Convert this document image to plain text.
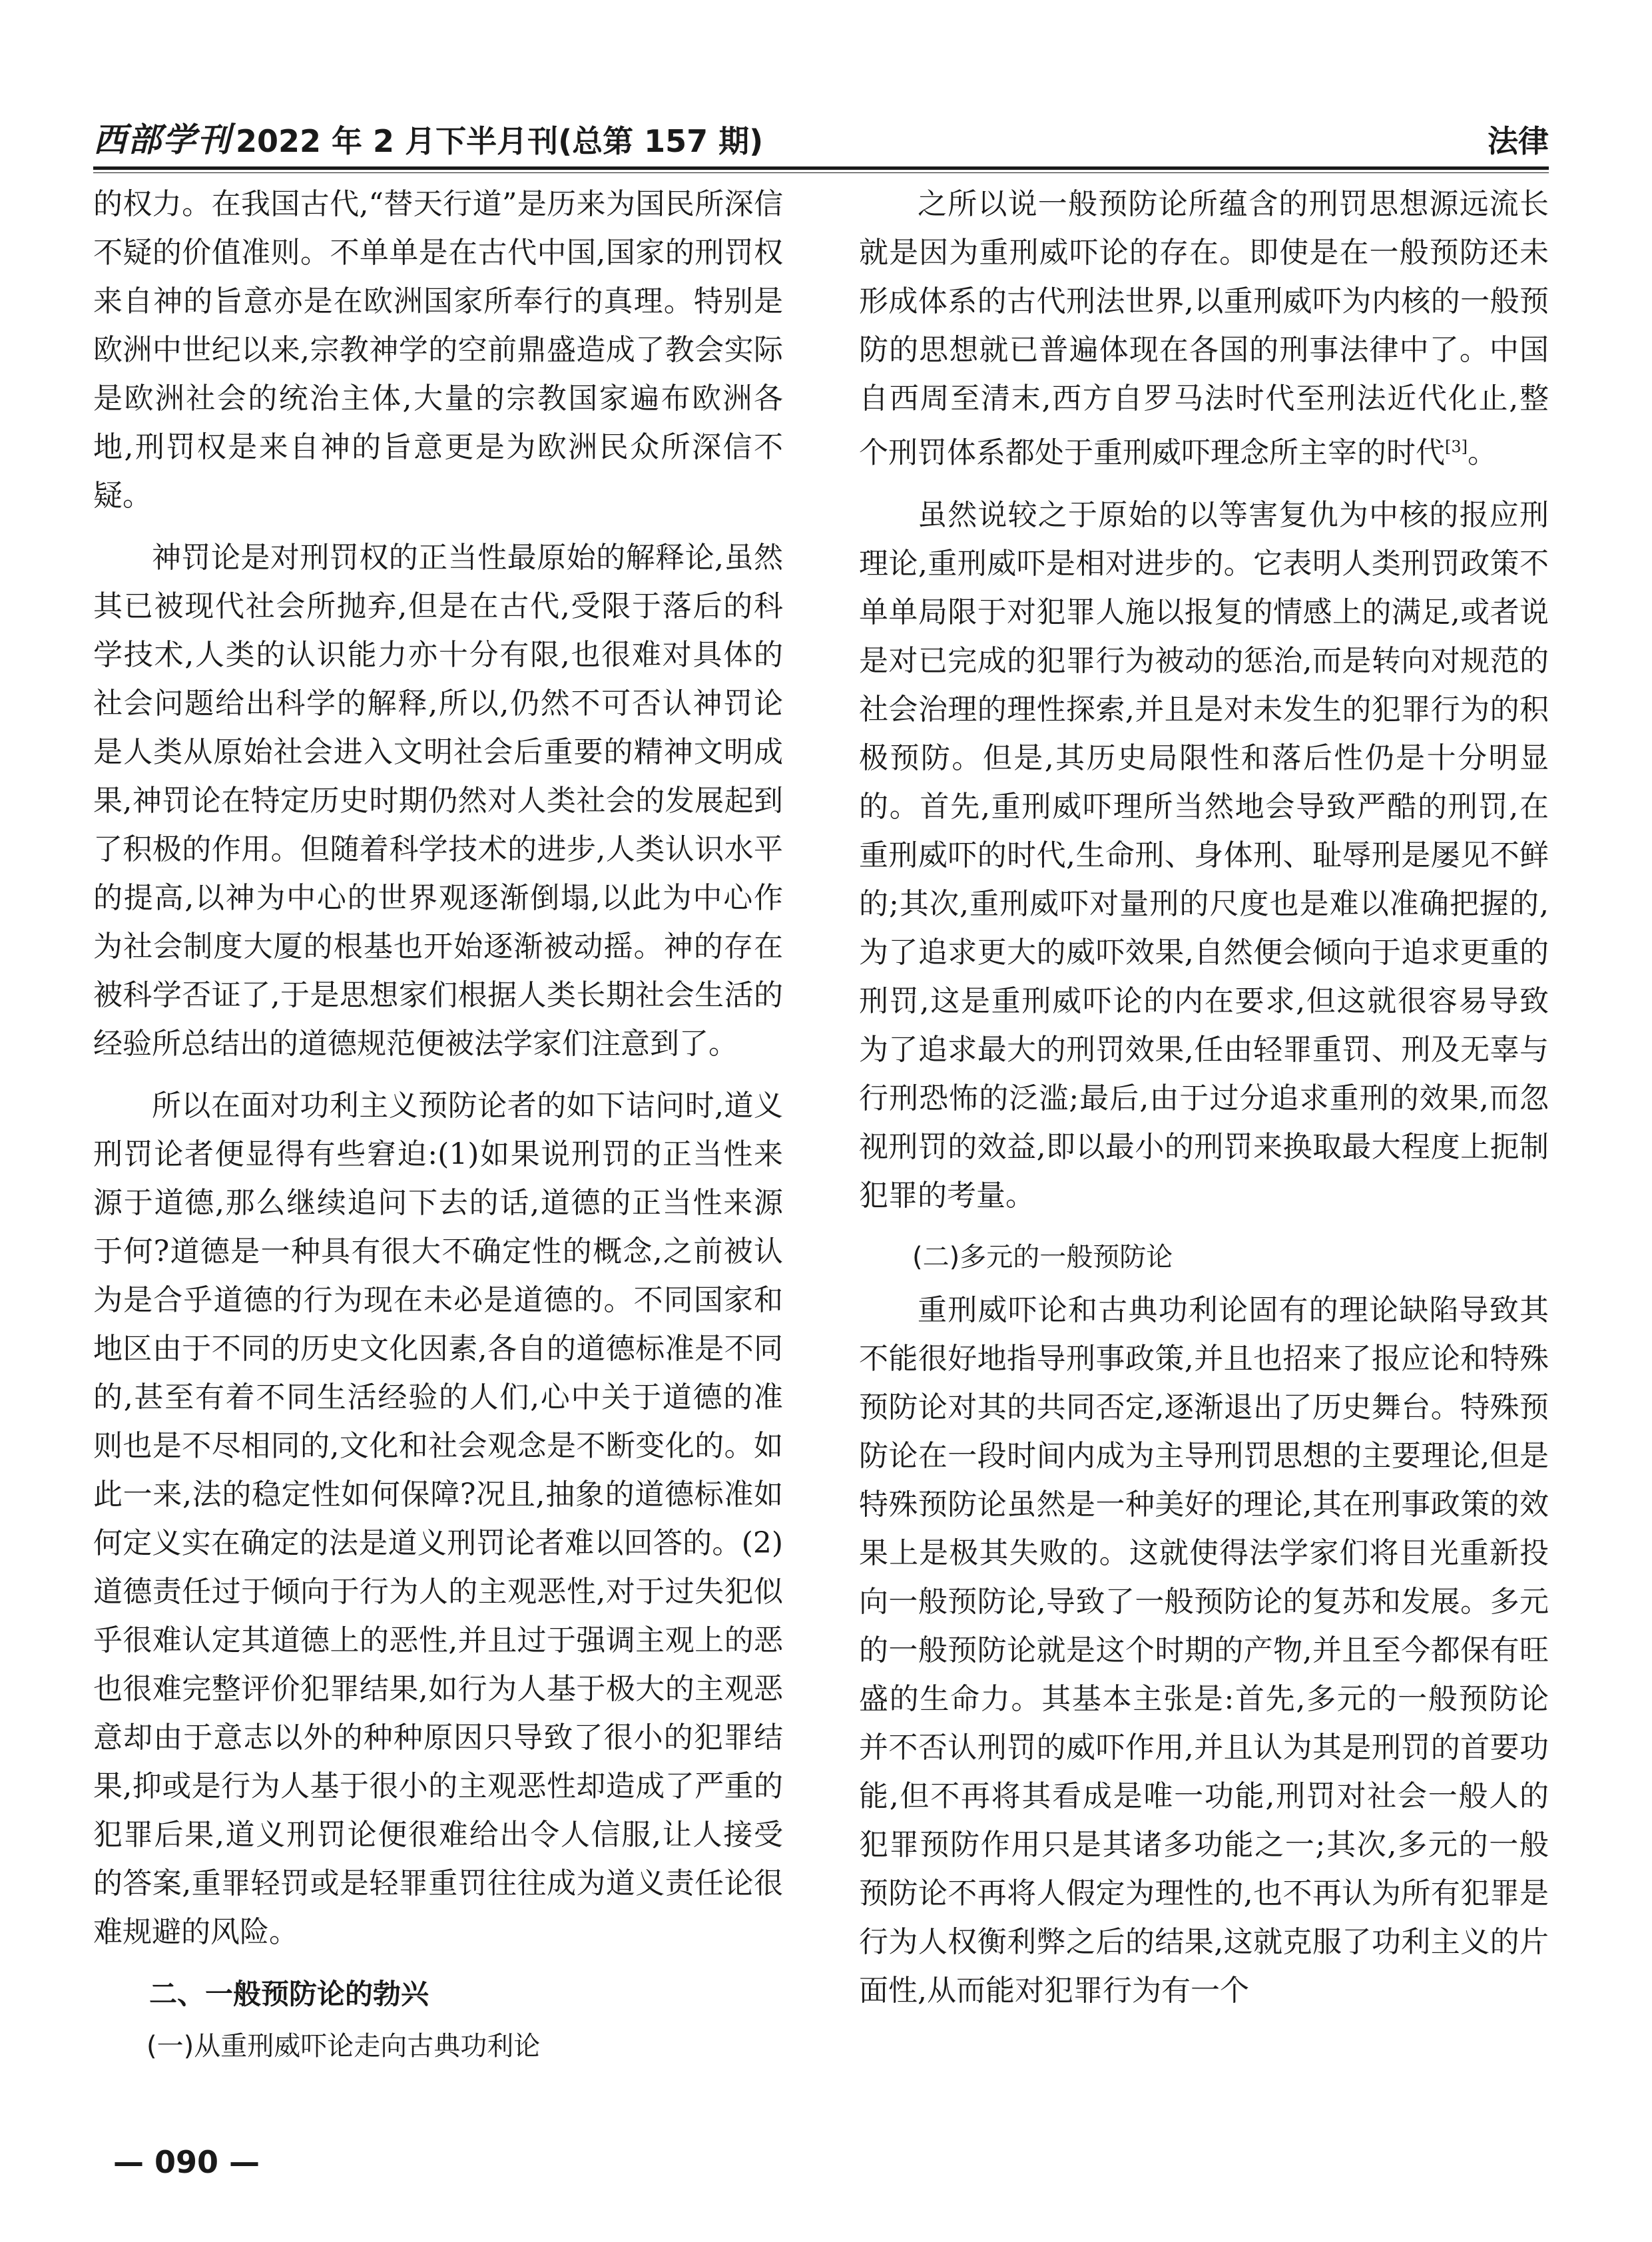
西部学刊 2022 年 2 月下半月刊(总第 157 期)	法律

的权力。在我国古代,“替天行道”是历来为国民所深信不疑的价值准则。不单单是在古代中国,国家的刑罚权来自神的旨意亦是在欧洲国家所奉行的真理。特别是欧洲中世纪以来,宗教神学的空前鼎盛造成了教会实际是欧洲社会的统治主体,大量的宗教国家遍布欧洲各地,刑罚权是来自神的旨意更是为欧洲民众所深信不疑。

神罚论是对刑罚权的正当性最原始的解释论,虽然其已被现代社会所抛弃,但是在古代,受限于落后的科学技术,人类的认识能力亦十分有限,也很难对具体的社会问题给出科学的解释,所以,仍然不可否认神罚论是人类从原始社会进入文明社会后重要的精神文明成果,神罚论在特定历史时期仍然对人类社会的发展起到了积极的作用。但随着科学技术的进步,人类认识水平的提高,以神为中心的世界观逐渐倒塌,以此为中心作为社会制度大厦的根基也开始逐渐被动摇。神的存在被科学否证了,于是思想家们根据人类长期社会生活的经验所总结出的道德规范便被法学家们注意到了。

所以在面对功利主义预防论者的如下诘问时,道义刑罚论者便显得有些窘迫:(1)如果说刑罚的正当性来源于道德,那么继续追问下去的话,道德的正当性来源于何?道德是一种具有很大不确定性的概念,之前被认为是合乎道德的行为现在未必是道德的。不同国家和地区由于不同的历史文化因素,各自的道德标准是不同的,甚至有着不同生活经验的人们,心中关于道德的准则也是不尽相同的,文化和社会观念是不断变化的。如此一来,法的稳定性如何保障?况且,抽象的道德标准如何定义实在确定的法是道义刑罚论者难以回答的。(2)道德责任过于倾向于行为人的主观恶性,对于过失犯似乎很难认定其道德上的恶性,并且过于强调主观上的恶也很难完整评价犯罪结果,如行为人基于极大的主观恶意却由于意志以外的种种原因只导致了很小的犯罪结果,抑或是行为人基于很小的主观恶性却造成了严重的犯罪后果,道义刑罚论便很难给出令人信服,让人接受的答案,重罪轻罚或是轻罪重罚往往成为道义责任论很难规避的风险。

二、一般预防论的勃兴
(一)从重刑威吓论走向古典功利论

之所以说一般预防论所蕴含的刑罚思想源远流长就是因为重刑威吓论的存在。即使是在一般预防还未形成体系的古代刑法世界,以重刑威吓为内核的一般预防的思想就已普遍体现在各国的刑事法律中了。中国自西周至清末,西方自罗马法时代至刑法近代化止,整个刑罚体系都处于重刑威吓理念所主宰的时代[3]。

虽然说较之于原始的以等害复仇为中核的报应刑理论,重刑威吓是相对进步的。它表明人类刑罚政策不单单局限于对犯罪人施以报复的情感上的满足,或者说是对已完成的犯罪行为被动的惩治,而是转向对规范的社会治理的理性探索,并且是对未发生的犯罪行为的积极预防。但是,其历史局限性和落后性仍是十分明显的。首先,重刑威吓理所当然地会导致严酷的刑罚,在重刑威吓的时代,生命刑、身体刑、耻辱刑是屡见不鲜的;其次,重刑威吓对量刑的尺度也是难以准确把握的,为了追求更大的威吓效果,自然便会倾向于追求更重的刑罚,这是重刑威吓论的内在要求,但这就很容易导致为了追求最大的刑罚效果,任由轻罪重罚、刑及无辜与行刑恐怖的泛滥;最后,由于过分追求重刑的效果,而忽视刑罚的效益,即以最小的刑罚来换取最大程度上扼制犯罪的考量。

(二)多元的一般预防论

重刑威吓论和古典功利论固有的理论缺陷导致其不能很好地指导刑事政策,并且也招来了报应论和特殊预防论对其的共同否定,逐渐退出了历史舞台。特殊预防论在一段时间内成为主导刑罚思想的主要理论,但是特殊预防论虽然是一种美好的理论,其在刑事政策的效果上是极其失败的。这就使得法学家们将目光重新投向一般预防论,导致了一般预防论的复苏和发展。多元的一般预防论就是这个时期的产物,并且至今都保有旺盛的生命力。其基本主张是:首先,多元的一般预防论并不否认刑罚的威吓作用,并且认为其是刑罚的首要功能,但不再将其看成是唯一功能,刑罚对社会一般人的犯罪预防作用只是其诸多功能之一;其次,多元的一般预防论不再将人假定为理性的,也不再认为所有犯罪是行为人权衡利弊之后的结果,这就克服了功利主义的片面性,从而能对犯罪行为有一个

— 090 —
